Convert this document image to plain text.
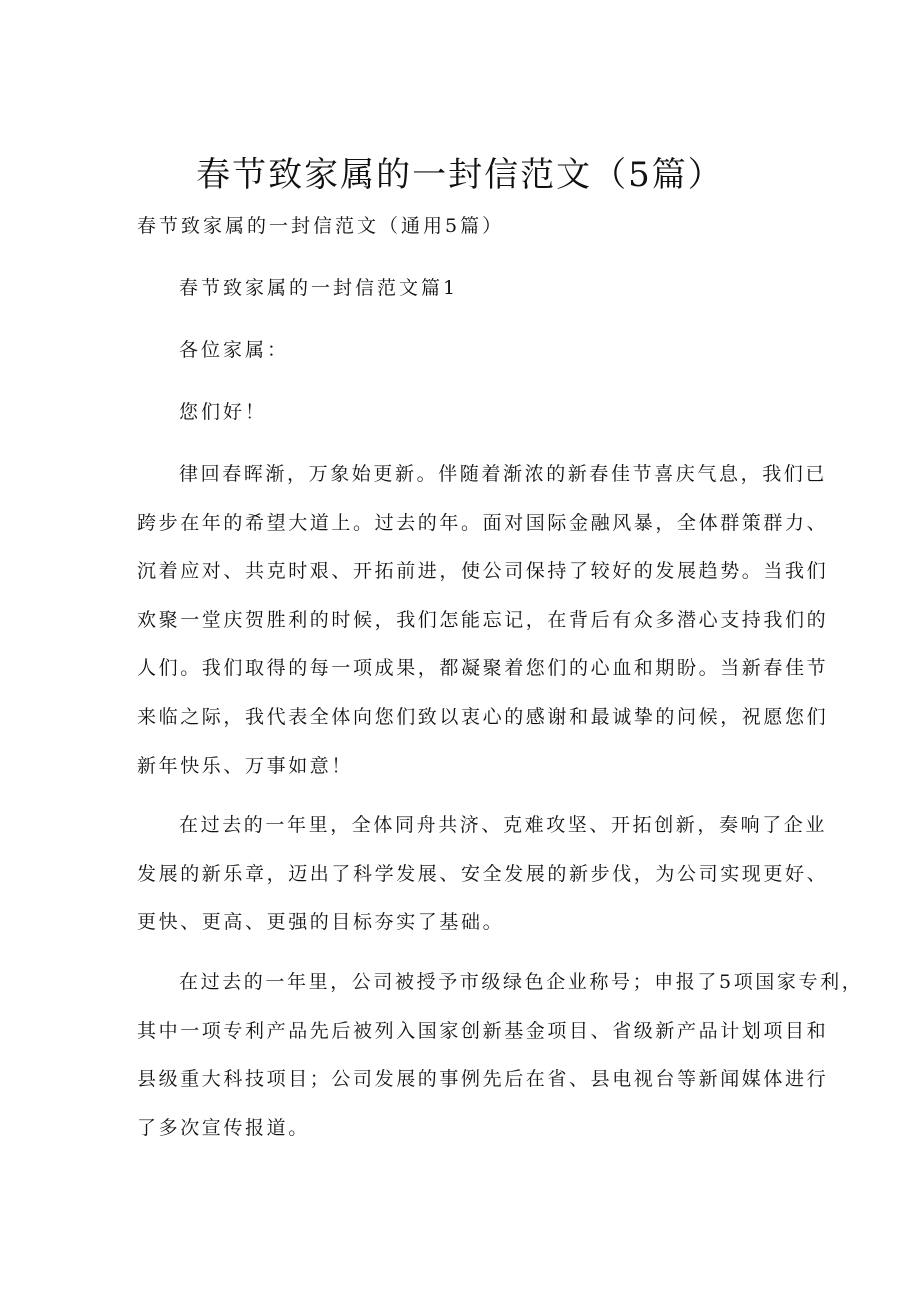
春节致家属的一封信范文（5篇）

春节致家属的一封信范文（通用5篇）

春节致家属的一封信范文篇1

各位家属：

您们好！

律回春晖渐，万象始更新。伴随着渐浓的新春佳节喜庆气息，我们已
跨步在年的希望大道上。过去的年。面对国际金融风暴，全体群策群力、
沉着应对、共克时艰、开拓前进，使公司保持了较好的发展趋势。当我们
欢聚一堂庆贺胜利的时候，我们怎能忘记，在背后有众多潜心支持我们的
人们。我们取得的每一项成果，都凝聚着您们的心血和期盼。当新春佳节
来临之际，我代表全体向您们致以衷心的感谢和最诚挚的问候，祝愿您们
新年快乐、万事如意！
在过去的一年里，全体同舟共济、克难攻坚、开拓创新，奏响了企业
发展的新乐章，迈出了科学发展、安全发展的新步伐，为公司实现更好、
更快、更高、更强的目标夯实了基础。
在过去的一年里，公司被授予市级绿色企业称号；申报了5项国家专利，
其中一项专利产品先后被列入国家创新基金项目、省级新产品计划项目和
县级重大科技项目；公司发展的事例先后在省、县电视台等新闻媒体进行
了多次宣传报道。
